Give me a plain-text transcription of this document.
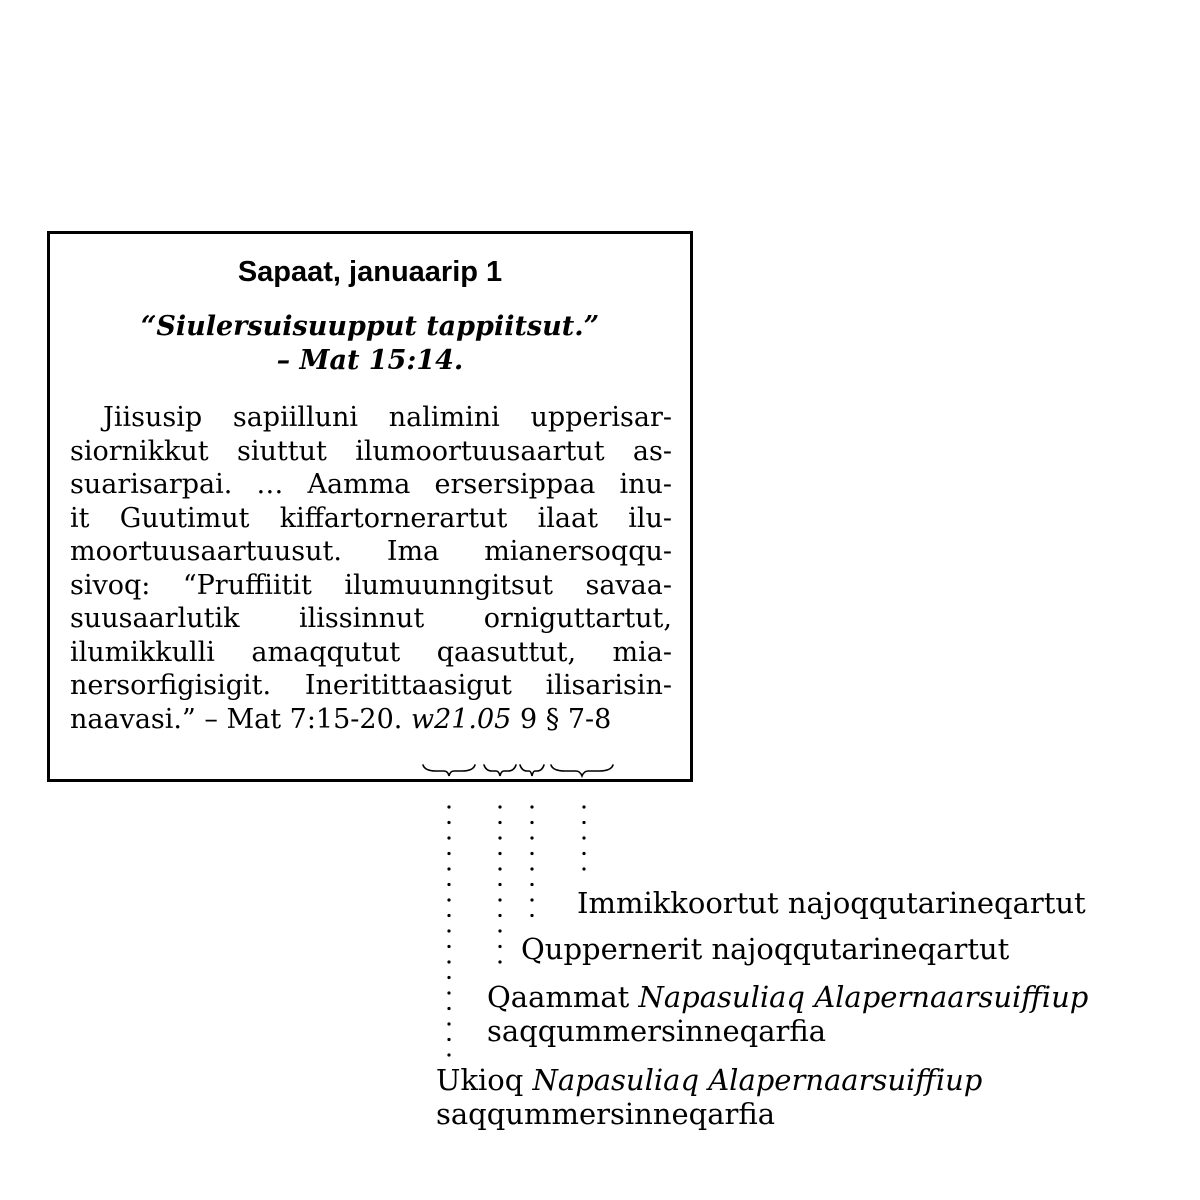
Sapaat, januaarip 1
“Siulersuisuupput tappiitsut.”
– Mat 15:14.
Jiisusip sapiilluni nalimini upperisar-
siornikkut siuttut ilumoortuusaartut as-
suarisarpai. … Aamma ersersippaa inu-
it Guutimut kiffartornerartut ilaat ilu-
moortuusaartuusut. Ima mianersoqqu-
sivoq: “Pruffiitit ilumuunngitsut savaa-
suusaarlutik ilissinnut orniguttartut,
ilumikkulli amaqqutut qaasuttut, mia-
nersorfigisigit. Ineritittaasigut ilisarisin-
naavasi.” – Mat 7:15-20. w21.05 9 § 7-8
Immikkoortut najoqqutarineqartut
Quppernerit najoqqutarineqartut
Qaammat Napasuliaq Alapernaarsuiffiup
saqqummersinneqarfia
Ukioq Napasuliaq Alapernaarsuiffiup
saqqummersinneqarfia
